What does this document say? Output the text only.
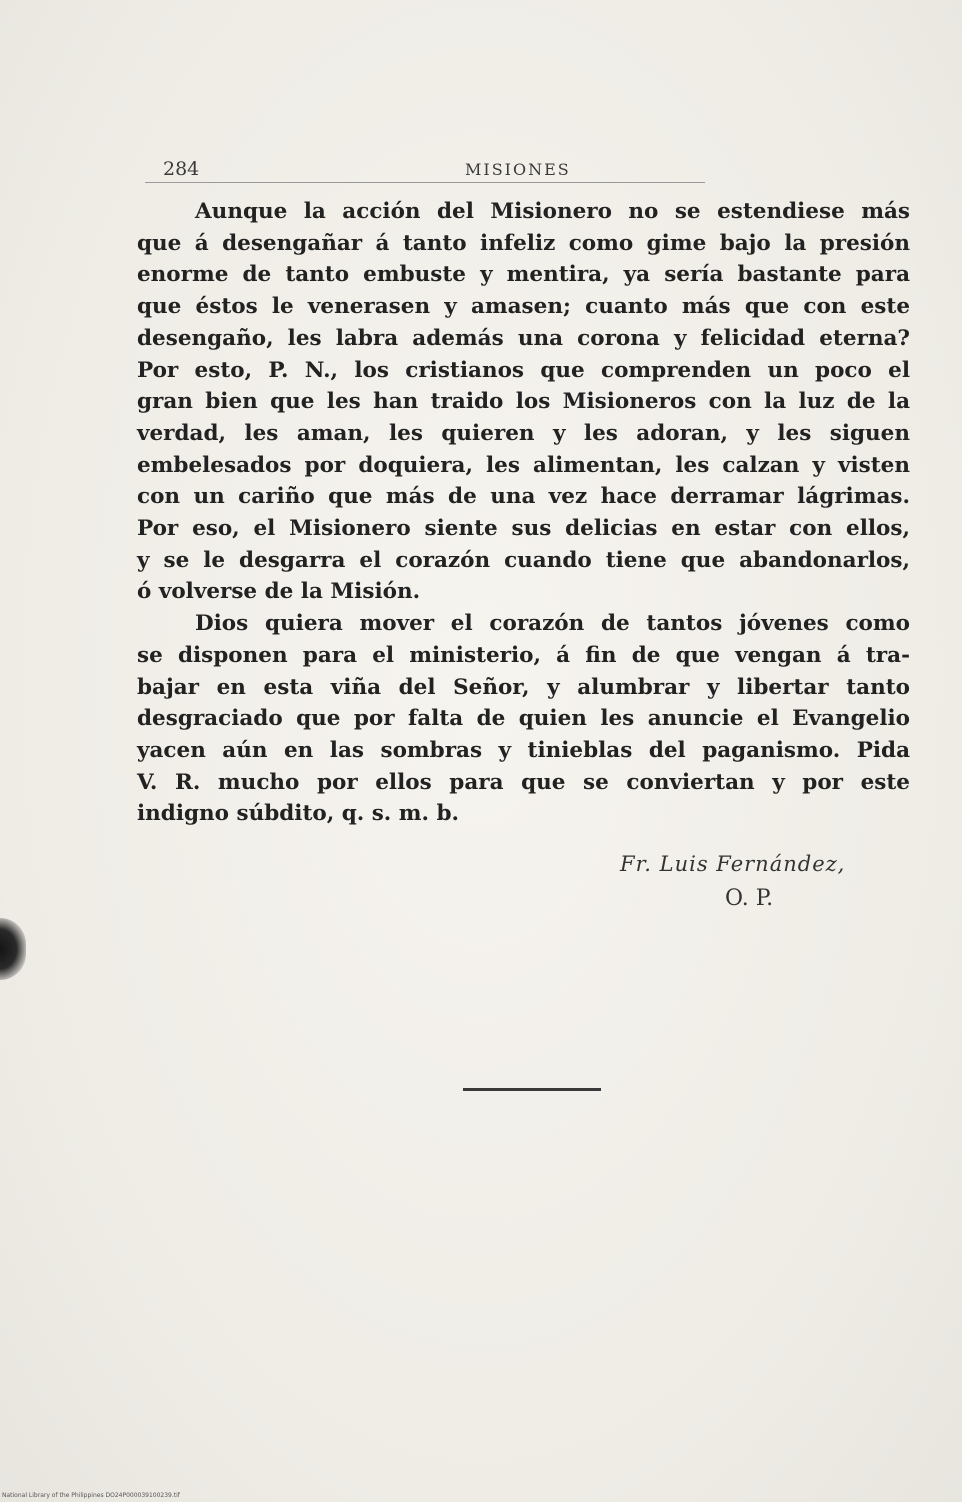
284	MISIONES
Aunque la acción del Misionero no se estendiese más
que á desengañar á tanto infeliz como gime bajo la presión
enorme de tanto embuste y mentira, ya sería bastante para
que éstos le venerasen y amasen; cuanto más que con este
desengaño, les labra además una corona y felicidad eterna?
Por esto, P. N., los cristianos que comprenden un poco el
gran bien que les han traido los Misioneros con la luz de la
verdad, les aman, les quieren y les adoran, y les siguen
embelesados por doquiera, les alimentan, les calzan y visten
con un cariño que más de una vez hace derramar lágrimas.
Por eso, el Misionero siente sus delicias en estar con ellos,
y se le desgarra el corazón cuando tiene que abandonarlos,
ó volverse de la Misión.
Dios quiera mover el corazón de tantos jóvenes como
se disponen para el ministerio, á fin de que vengan á tra-
bajar en esta viña del Señor, y alumbrar y libertar tanto
desgraciado que por falta de quien les anuncie el Evangelio
yacen aún en las sombras y tinieblas del paganismo. Pida
V. R. mucho por ellos para que se conviertan y por este
indigno súbdito, q. s. m. b.
Fr. Luis Fernández,
O. P.
National Library of the Philippines DO24P000039100239.tif
